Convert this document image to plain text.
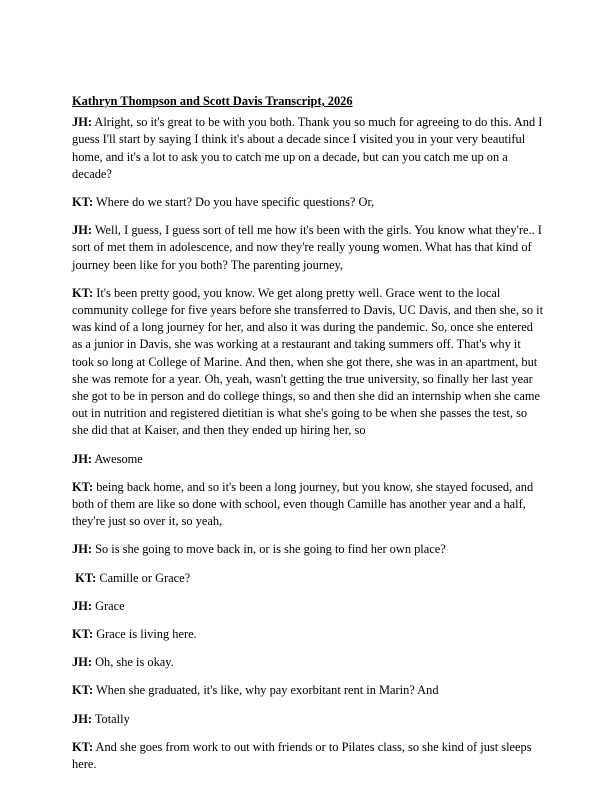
Kathryn Thompson and Scott Davis Transcript, 2026

JH: Alright, so it's great to be with you both. Thank you so much for agreeing to do this. And I guess I'll start by saying I think it's about a decade since I visited you in your very beautiful home, and it's a lot to ask you to catch me up on a decade, but can you catch me up on a decade?

KT: Where do we start? Do you have specific questions? Or,

JH: Well, I guess, I guess sort of tell me how it's been with the girls. You know what they're.. I sort of met them in adolescence, and now they're really young women. What has that kind of journey been like for you both? The parenting journey,

KT: It's been pretty good, you know. We get along pretty well. Grace went to the local community college for five years before she transferred to Davis, UC Davis, and then she, so it was kind of a long journey for her, and also it was during the pandemic. So, once she entered as a junior in Davis, she was working at a restaurant and taking summers off. That's why it took so long at College of Marine. And then, when she got there, she was in an apartment, but she was remote for a year. Oh, yeah, wasn't getting the true university, so finally her last year she got to be in person and do college things, so and then she did an internship when she came out in nutrition and registered dietitian is what she's going to be when she passes the test, so she did that at Kaiser, and then they ended up hiring her, so

JH: Awesome

KT: being back home, and so it's been a long journey, but you know, she stayed focused, and both of them are like so done with school, even though Camille has another year and a half, they're just so over it, so yeah,

JH: So is she going to move back in, or is she going to find her own place?

KT: Camille or Grace?

JH: Grace

KT: Grace is living here.

JH: Oh, she is okay.

KT: When she graduated, it's like, why pay exorbitant rent in Marin? And

JH: Totally

KT: And she goes from work to out with friends or to Pilates class, so she kind of just sleeps here.
